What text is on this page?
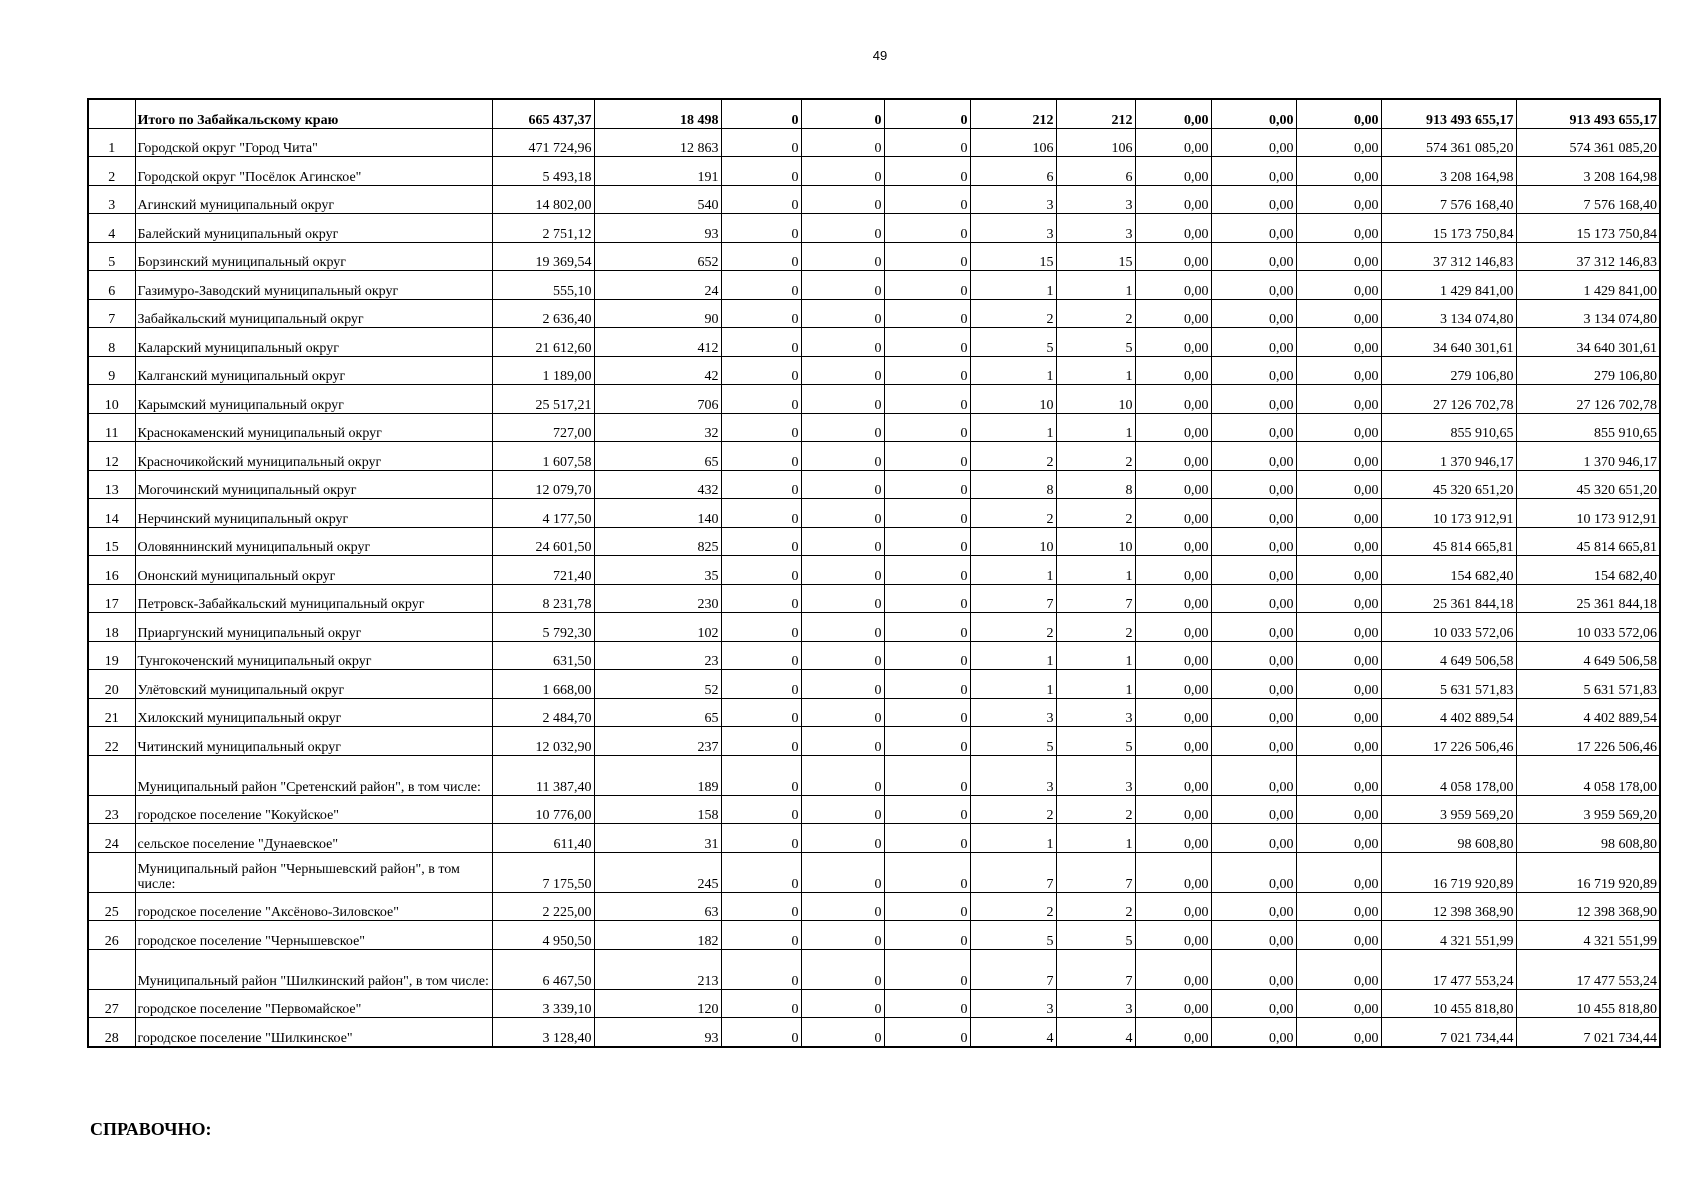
49
	Итого по Забайкальскому краю	665 437,37	18 498	0	0	0	212	212	0,00	0,00	0,00	913 493 655,17	913 493 655,17
1	Городской округ "Город Чита"	471 724,96	12 863	0	0	0	106	106	0,00	0,00	0,00	574 361 085,20	574 361 085,20
2	Городской округ "Посёлок Агинское"	5 493,18	191	0	0	0	6	6	0,00	0,00	0,00	3 208 164,98	3 208 164,98
3	Агинский муниципальный округ	14 802,00	540	0	0	0	3	3	0,00	0,00	0,00	7 576 168,40	7 576 168,40
4	Балейский муниципальный округ	2 751,12	93	0	0	0	3	3	0,00	0,00	0,00	15 173 750,84	15 173 750,84
5	Борзинский муниципальный округ	19 369,54	652	0	0	0	15	15	0,00	0,00	0,00	37 312 146,83	37 312 146,83
6	Газимуро-Заводский муниципальный округ	555,10	24	0	0	0	1	1	0,00	0,00	0,00	1 429 841,00	1 429 841,00
7	Забайкальский муниципальный округ	2 636,40	90	0	0	0	2	2	0,00	0,00	0,00	3 134 074,80	3 134 074,80
8	Каларский муниципальный округ	21 612,60	412	0	0	0	5	5	0,00	0,00	0,00	34 640 301,61	34 640 301,61
9	Калганский муниципальный округ	1 189,00	42	0	0	0	1	1	0,00	0,00	0,00	279 106,80	279 106,80
10	Карымский муниципальный округ	25 517,21	706	0	0	0	10	10	0,00	0,00	0,00	27 126 702,78	27 126 702,78
11	Краснокаменский муниципальный округ	727,00	32	0	0	0	1	1	0,00	0,00	0,00	855 910,65	855 910,65
12	Красночикойский муниципальный округ	1 607,58	65	0	0	0	2	2	0,00	0,00	0,00	1 370 946,17	1 370 946,17
13	Могочинский муниципальный округ	12 079,70	432	0	0	0	8	8	0,00	0,00	0,00	45 320 651,20	45 320 651,20
14	Нерчинский муниципальный округ	4 177,50	140	0	0	0	2	2	0,00	0,00	0,00	10 173 912,91	10 173 912,91
15	Оловяннинский муниципальный округ	24 601,50	825	0	0	0	10	10	0,00	0,00	0,00	45 814 665,81	45 814 665,81
16	Ононский муниципальный округ	721,40	35	0	0	0	1	1	0,00	0,00	0,00	154 682,40	154 682,40
17	Петровск-Забайкальский муниципальный округ	8 231,78	230	0	0	0	7	7	0,00	0,00	0,00	25 361 844,18	25 361 844,18
18	Приаргунский муниципальный округ	5 792,30	102	0	0	0	2	2	0,00	0,00	0,00	10 033 572,06	10 033 572,06
19	Тунгокоченский муниципальный округ	631,50	23	0	0	0	1	1	0,00	0,00	0,00	4 649 506,58	4 649 506,58
20	Улётовский муниципальный округ	1 668,00	52	0	0	0	1	1	0,00	0,00	0,00	5 631 571,83	5 631 571,83
21	Хилокский муниципальный округ	2 484,70	65	0	0	0	3	3	0,00	0,00	0,00	4 402 889,54	4 402 889,54
22	Читинский муниципальный округ	12 032,90	237	0	0	0	5	5	0,00	0,00	0,00	17 226 506,46	17 226 506,46
	Муниципальный район "Сретенский район", в том числе:	11 387,40	189	0	0	0	3	3	0,00	0,00	0,00	4 058 178,00	4 058 178,00
23	городское поселение "Кокуйское"	10 776,00	158	0	0	0	2	2	0,00	0,00	0,00	3 959 569,20	3 959 569,20
24	сельское поселение "Дунаевское"	611,40	31	0	0	0	1	1	0,00	0,00	0,00	98 608,80	98 608,80
	Муниципальный район "Чернышевский район", в том числе:	7 175,50	245	0	0	0	7	7	0,00	0,00	0,00	16 719 920,89	16 719 920,89
25	городское поселение "Аксёново-Зиловское"	2 225,00	63	0	0	0	2	2	0,00	0,00	0,00	12 398 368,90	12 398 368,90
26	городское поселение "Чернышевское"	4 950,50	182	0	0	0	5	5	0,00	0,00	0,00	4 321 551,99	4 321 551,99
	Муниципальный район "Шилкинский район", в том числе:	6 467,50	213	0	0	0	7	7	0,00	0,00	0,00	17 477 553,24	17 477 553,24
27	городское поселение "Первомайское"	3 339,10	120	0	0	0	3	3	0,00	0,00	0,00	10 455 818,80	10 455 818,80
28	городское поселение "Шилкинское"	3 128,40	93	0	0	0	4	4	0,00	0,00	0,00	7 021 734,44	7 021 734,44
СПРАВОЧНО:
